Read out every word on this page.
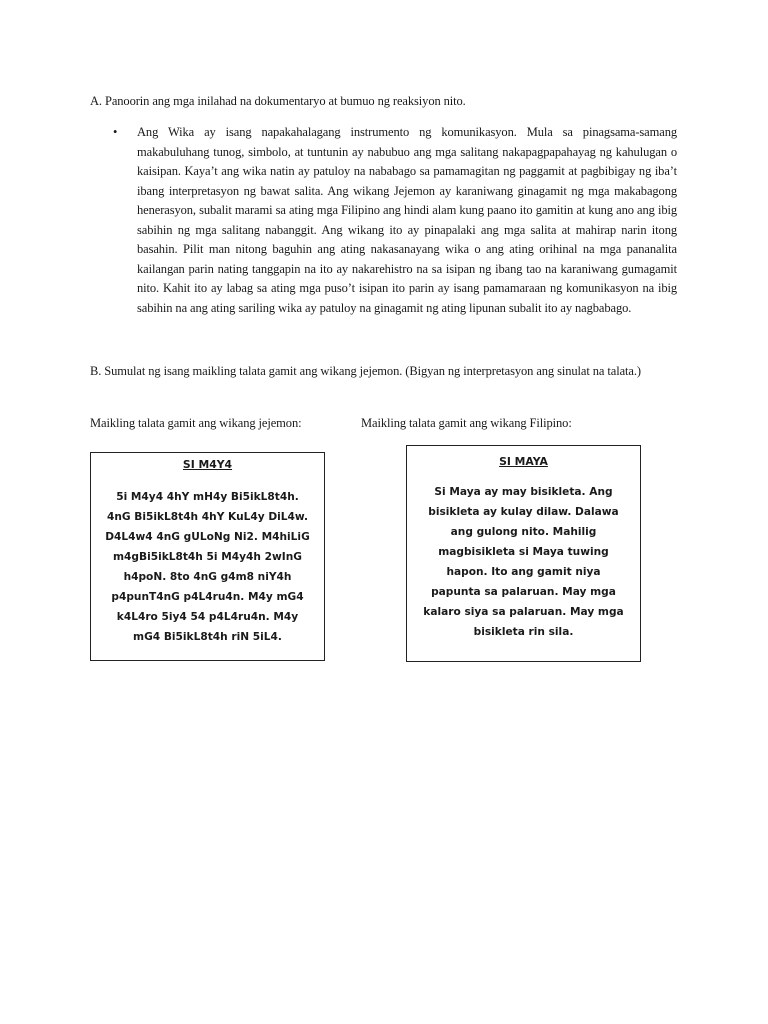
A. Panoorin ang mga inilahad na dokumentaryo at bumuo ng reaksiyon nito.
• Ang Wika ay isang napakahalagang instrumento ng komunikasyon. Mula sa pinagsama-samang makabuluhang tunog, simbolo, at tuntunin ay nabubuo ang mga salitang nakapagpapahayag ng kahulugan o kaisipan. Kaya’t ang wika natin ay patuloy na nababago sa pamamagitan ng paggamit at pagbibigay ng iba’t ibang interpretasyon ng bawat salita. Ang wikang Jejemon ay karaniwang ginagamit ng mga makabagong henerasyon, subalit marami sa ating mga Filipino ang hindi alam kung paano ito gamitin at kung ano ang ibig sabihin ng mga salitang nabanggit. Ang wikang ito ay pinapalaki ang mga salita at mahirap narin itong basahin. Pilit man nitong baguhin ang ating nakasanayang wika o ang ating orihinal na mga pananalita kailangan parin nating tanggapin na ito ay nakarehistro na sa isipan ng ibang tao na karaniwang gumagamit nito. Kahit ito ay labag sa ating mga puso’t isipan ito parin ay isang pamamaraan ng komunikasyon na ibig sabihin na ang ating sariling wika ay patuloy na ginagamit ng ating lipunan subalit ito ay nagbabago.
B. Sumulat ng isang maikling talata gamit ang wikang jejemon. (Bigyan ng interpretasyon ang sinulat na talata.)
Maikling talata gamit ang wikang jejemon:	Maikling talata gamit ang wikang Filipino:
SI M4Y4
5i M4y4 4hY mH4y Bi5ikL8t4h. 4nG Bi5ikL8t4h 4hY KuL4y DiL4w. D4L4w4 4nG gULoNg Ni2. M4hiLiG m4gBi5ikL8t4h 5i M4y4h 2wInG h4poN. 8to 4nG g4m8 niY4h p4punT4nG p4L4ru4n. M4y mG4 k4L4ro 5iy4 54 p4L4ru4n. M4y mG4 Bi5ikL8t4h riN 5iL4.
SI MAYA
Si Maya ay may bisikleta. Ang bisikleta ay kulay dilaw. Dalawa ang gulong nito. Mahilig magbisikleta si Maya tuwing hapon. Ito ang gamit niya papunta sa palaruan. May mga kalaro siya sa palaruan. May mga bisikleta rin sila.
